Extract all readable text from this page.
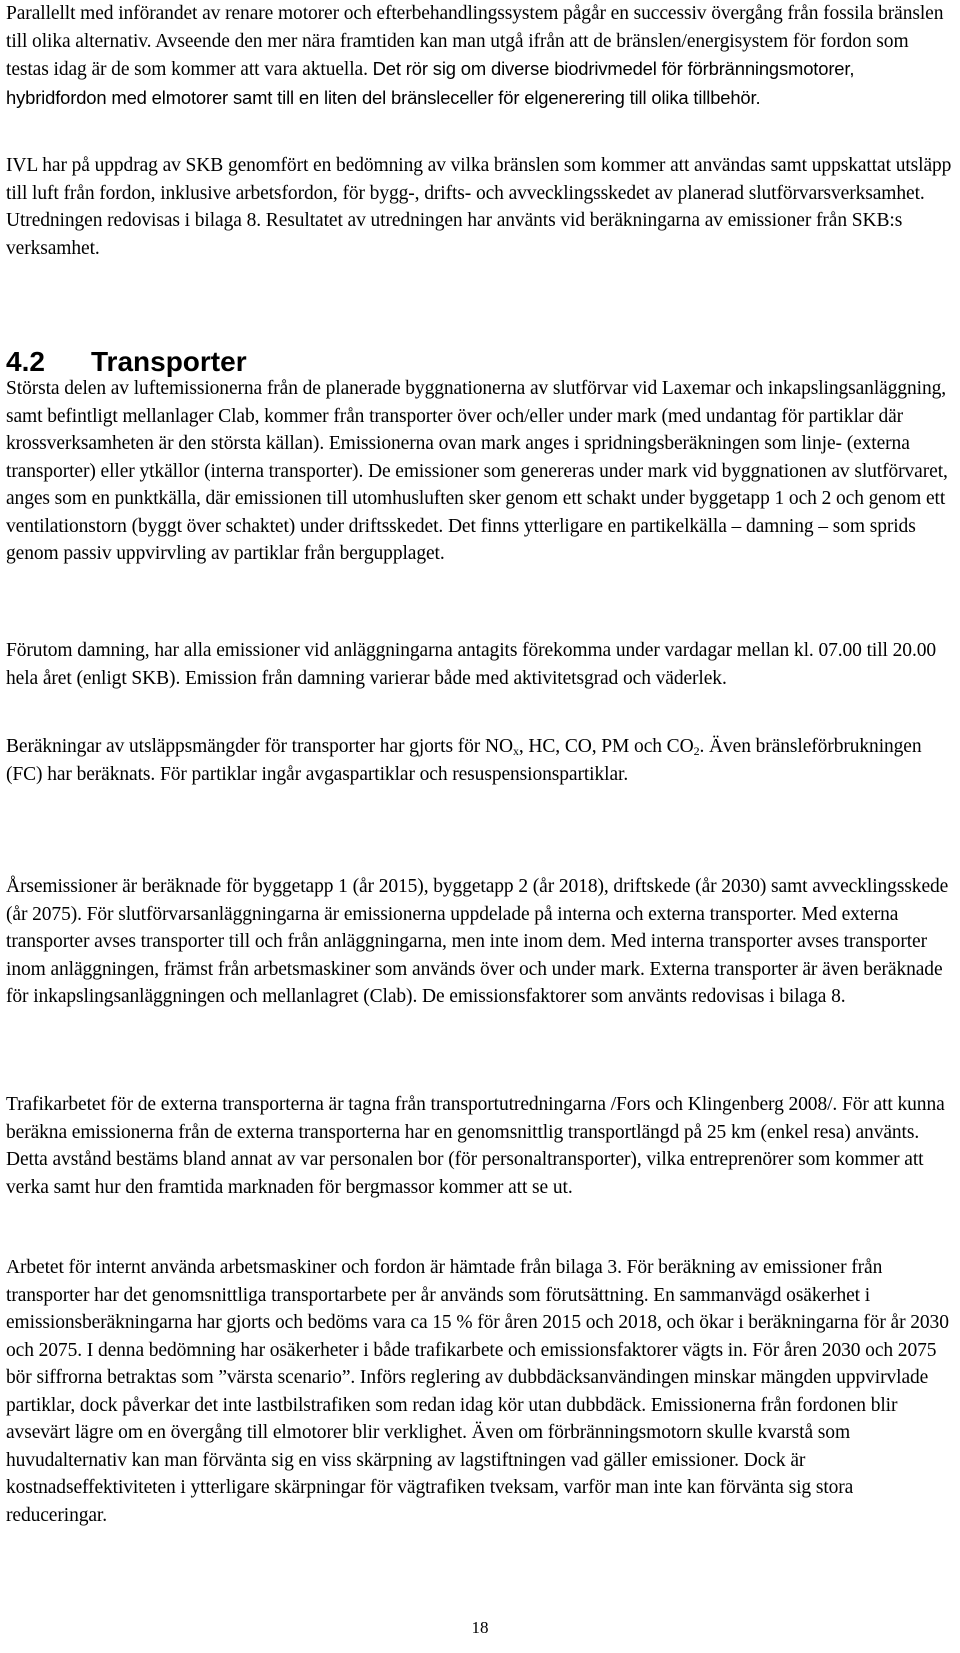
Parallellt med införandet av renare motorer och efterbehandlingssystem pågår en successiv övergång från fossila bränslen till olika alternativ. Avseende den mer nära framtiden kan man utgå ifrån att de bränslen/energisystem för fordon som testas idag är de som kommer att vara aktuella. Det rör sig om diverse biodrivmedel för förbränningsmotorer, hybridfordon med elmotorer samt till en liten del bränsleceller för elgenerering till olika tillbehör.

IVL har på uppdrag av SKB genomfört en bedömning av vilka bränslen som kommer att användas samt uppskattat utsläpp till luft från fordon, inklusive arbetsfordon, för bygg-, drifts- och avvecklingsskedet av planerad slutförvarsverksamhet. Utredningen redovisas i bilaga 8. Resultatet av utredningen har använts vid beräkningarna av emissioner från SKB:s verksamhet.

4.2 Transporter

Största delen av luftemissionerna från de planerade byggnationerna av slutförvar vid Laxemar och inkapslingsanläggning, samt befintligt mellanlager Clab, kommer från transporter över och/eller under mark (med undantag för partiklar där krossverksamheten är den största källan). Emissionerna ovan mark anges i spridningsberäkningen som linje- (externa transporter) eller ytkällor (interna transporter). De emissioner som genereras under mark vid byggnationen av slutförvaret, anges som en punktkälla, där emissionen till utomhusluften sker genom ett schakt under byggetapp 1 och 2 och genom ett ventilationstorn (byggt över schaktet) under driftsskedet. Det finns ytterligare en partikelkälla – damning – som sprids genom passiv uppvirvling av partiklar från bergupplaget.

Förutom damning, har alla emissioner vid anläggningarna antagits förekomma under vardagar mellan kl. 07.00 till 20.00 hela året (enligt SKB). Emission från damning varierar både med aktivitetsgrad och väderlek.

Beräkningar av utsläppsmängder för transporter har gjorts för $NO_x$, HC, CO, PM och $CO_2$. Även bränsleförbrukningen (FC) har beräknats. För partiklar ingår avgaspartiklar och resuspensionspartiklar.

Årsemissioner är beräknade för byggetapp 1 (år 2015), byggetapp 2 (år 2018), driftskede (år 2030) samt avvecklingsskede (år 2075). För slutförvarsanläggningarna är emissionerna uppdelade på interna och externa transporter. Med externa transporter avses transporter till och från anläggningarna, men inte inom dem. Med interna transporter avses transporter inom anläggningen, främst från arbetsmaskiner som används över och under mark. Externa transporter är även beräknade för inkapslingsanläggningen och mellanlagret (Clab). De emissionsfaktorer som använts redovisas i bilaga 8.

Trafikarbetet för de externa transporterna är tagna från transportutredningarna /Fors och Klingenberg 2008/. För att kunna beräkna emissionerna från de externa transporterna har en genomsnittlig transportlängd på 25 km (enkel resa) använts. Detta avstånd bestäms bland annat av var personalen bor (för personaltransporter), vilka entreprenörer som kommer att verka samt hur den framtida marknaden för bergmassor kommer att se ut.

Arbetet för internt använda arbetsmaskiner och fordon är hämtade från bilaga 3. För beräkning av emissioner från transporter har det genomsnittliga transportarbete per år används som förutsättning. En sammanvägd osäkerhet i emissionsberäkningarna har gjorts och bedöms vara ca 15 % för åren 2015 och 2018, och ökar i beräkningarna för år 2030 och 2075. I denna bedömning har osäkerheter i både trafikarbete och emissionsfaktorer vägts in. För åren 2030 och 2075 bör siffrorna betraktas som ”värsta scenario”. Införs reglering av dubbdäcksanvändingen minskar mängden uppvirvlade partiklar, dock påverkar det inte lastbilstrafiken som redan idag kör utan dubbdäck. Emissionerna från fordonen blir avsevärt lägre om en övergång till elmotorer blir verklighet. Även om förbränningsmotorn skulle kvarstå som huvudalternativ kan man förvänta sig en viss skärpning av lagstiftningen vad gäller emissioner. Dock är kostnadseffektiviteten i ytterligare skärpningar för vägtrafiken tveksam, varför man inte kan förvänta sig stora reduceringar.

18
